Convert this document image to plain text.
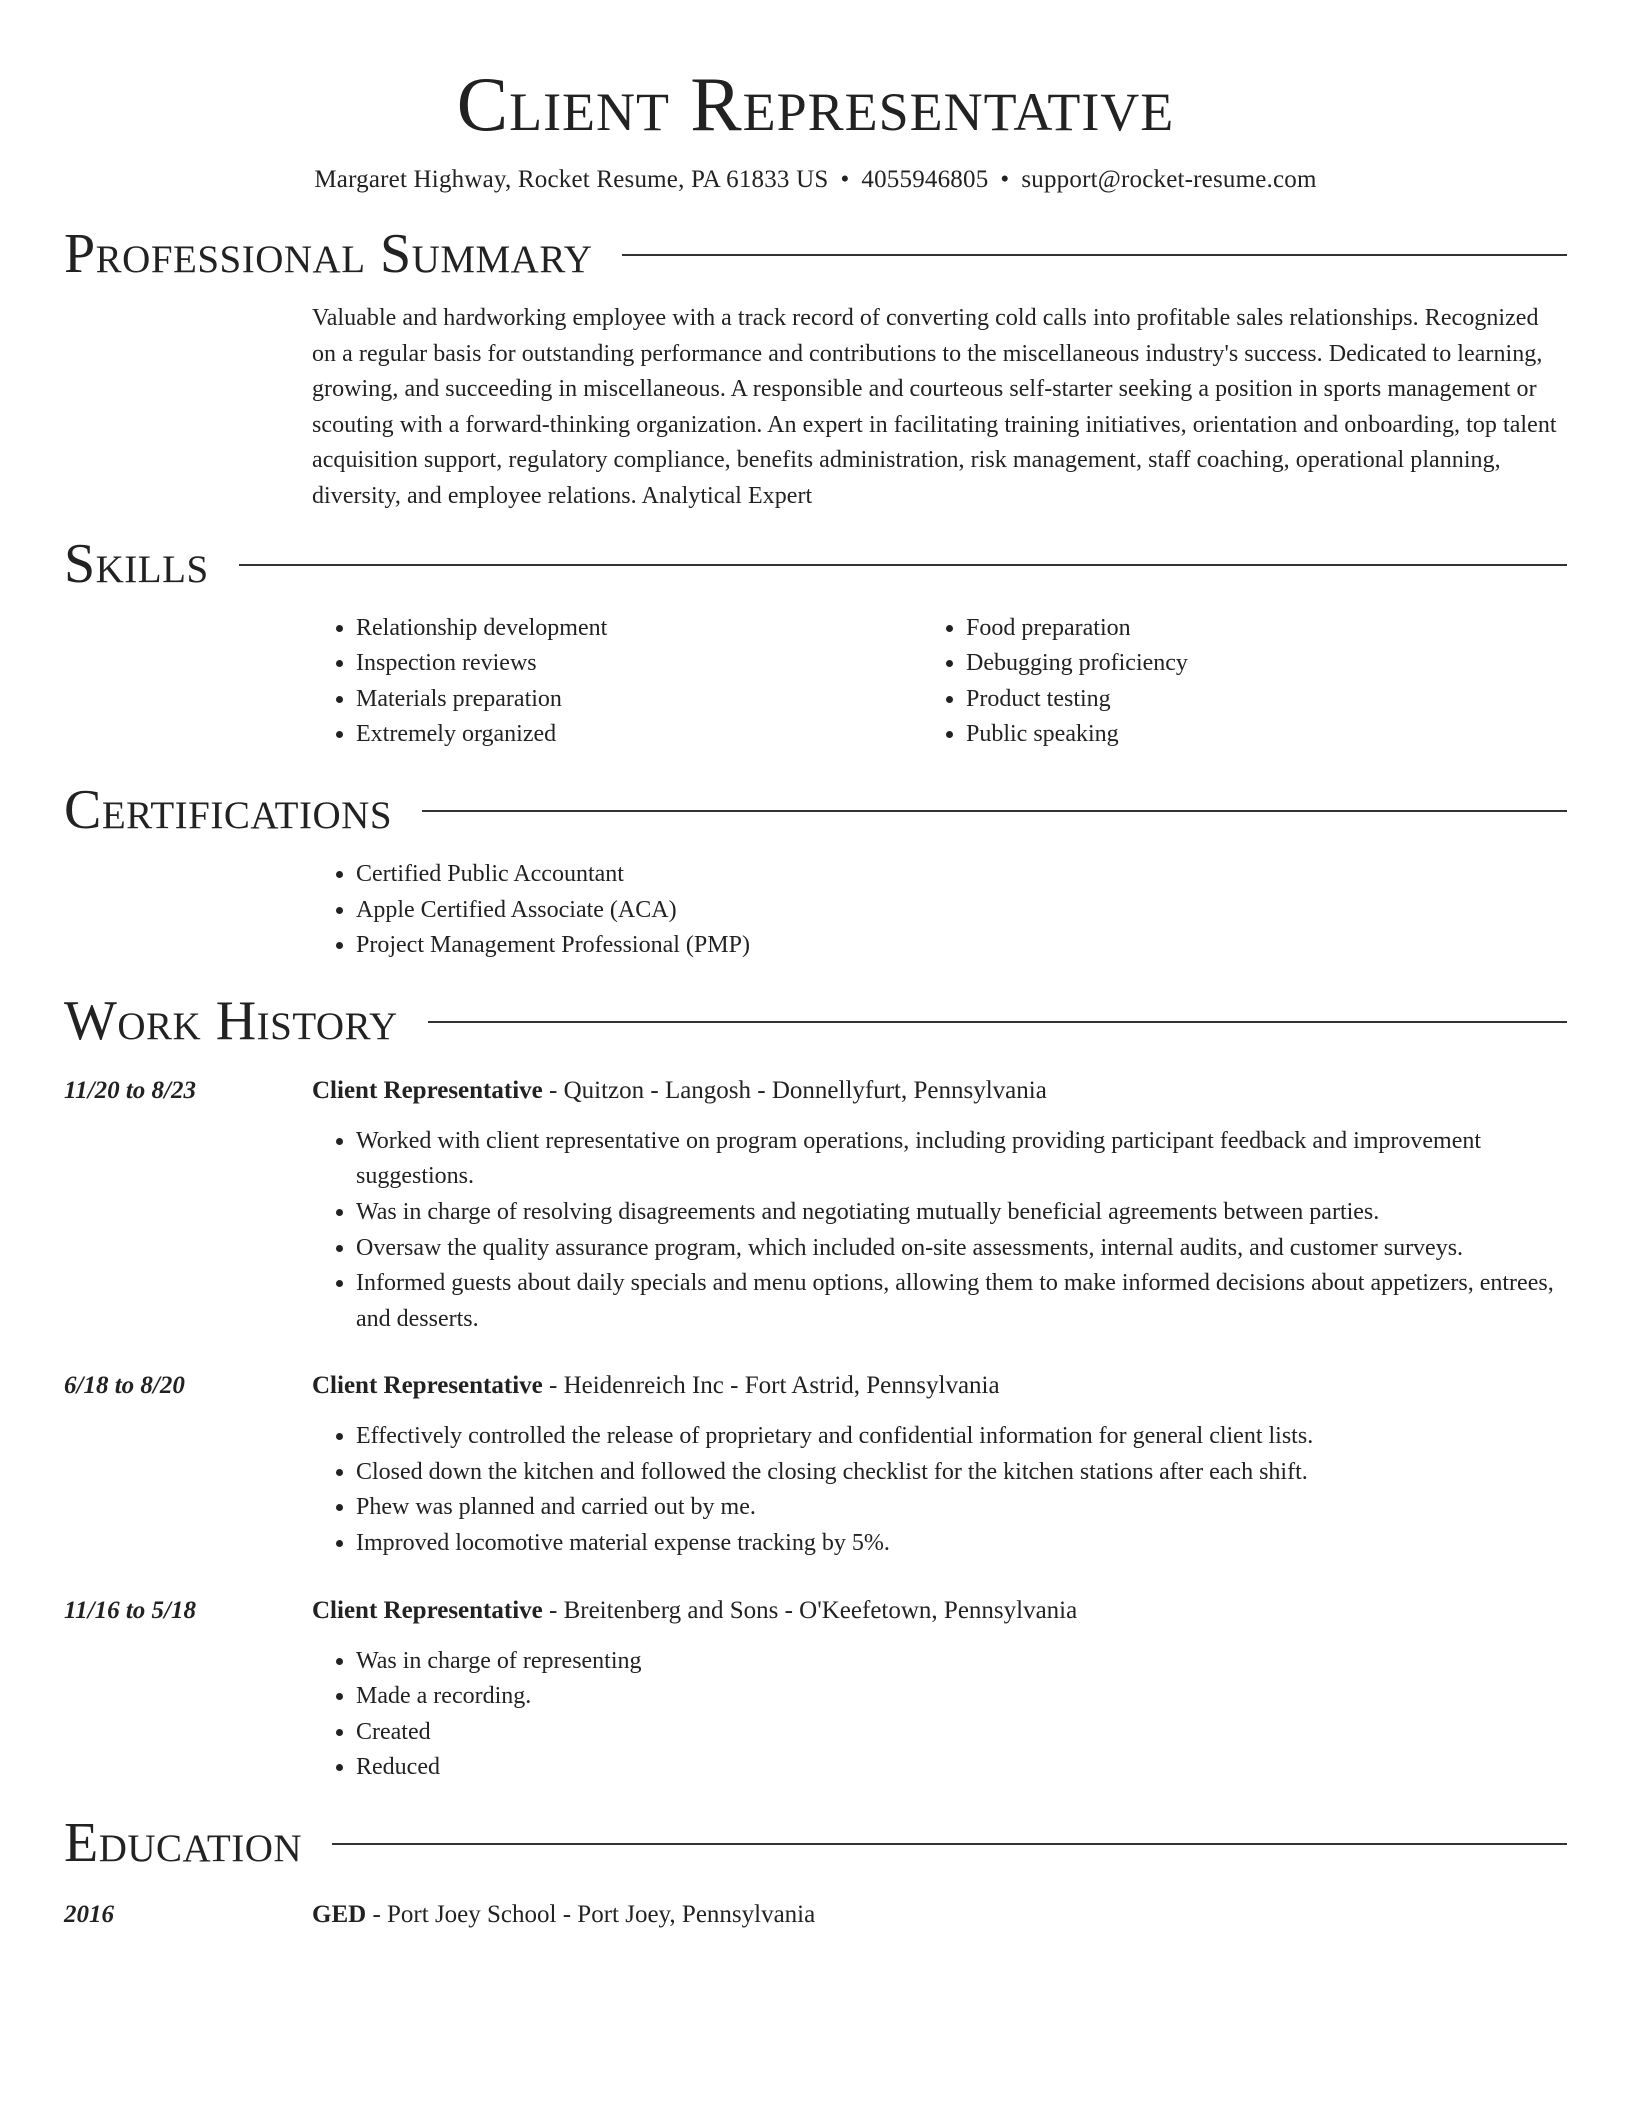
Client Representative
Margaret Highway, Rocket Resume, PA 61833 US • 4055946805 • support@rocket-resume.com
Professional Summary

Valuable and hardworking employee with a track record of converting cold calls into profitable sales relationships. Recognized on a regular basis for outstanding performance and contributions to the miscellaneous industry's success. Dedicated to learning, growing, and succeeding in miscellaneous. A responsible and courteous self-starter seeking a position in sports management or scouting with a forward-thinking organization. An expert in facilitating training initiatives, orientation and onboarding, top talent acquisition support, regulatory compliance, benefits administration, risk management, staff coaching, operational planning, diversity, and employee relations. Analytical Expert

Skills
• Relationship development
• Inspection reviews
• Materials preparation
• Extremely organized
• Food preparation
• Debugging proficiency
• Product testing
• Public speaking
Certifications
• Certified Public Accountant
• Apple Certified Associate (ACA)
• Project Management Professional (PMP)
Work History
11/20 to 8/23	Client Representative - Quitzon - Langosh - Donnellyfurt, Pennsylvania
• Worked with client representative on program operations, including providing participant feedback and improvement suggestions.
• Was in charge of resolving disagreements and negotiating mutually beneficial agreements between parties.
• Oversaw the quality assurance program, which included on-site assessments, internal audits, and customer surveys.
• Informed guests about daily specials and menu options, allowing them to make informed decisions about appetizers, entrees, and desserts.
6/18 to 8/20	Client Representative - Heidenreich Inc - Fort Astrid, Pennsylvania
• Effectively controlled the release of proprietary and confidential information for general client lists.
• Closed down the kitchen and followed the closing checklist for the kitchen stations after each shift.
• Phew was planned and carried out by me.
• Improved locomotive material expense tracking by 5%.
11/16 to 5/18	Client Representative - Breitenberg and Sons - O'Keefetown, Pennsylvania
• Was in charge of representing
• Made a recording.
• Created
• Reduced
Education
2016	GED - Port Joey School - Port Joey, Pennsylvania
